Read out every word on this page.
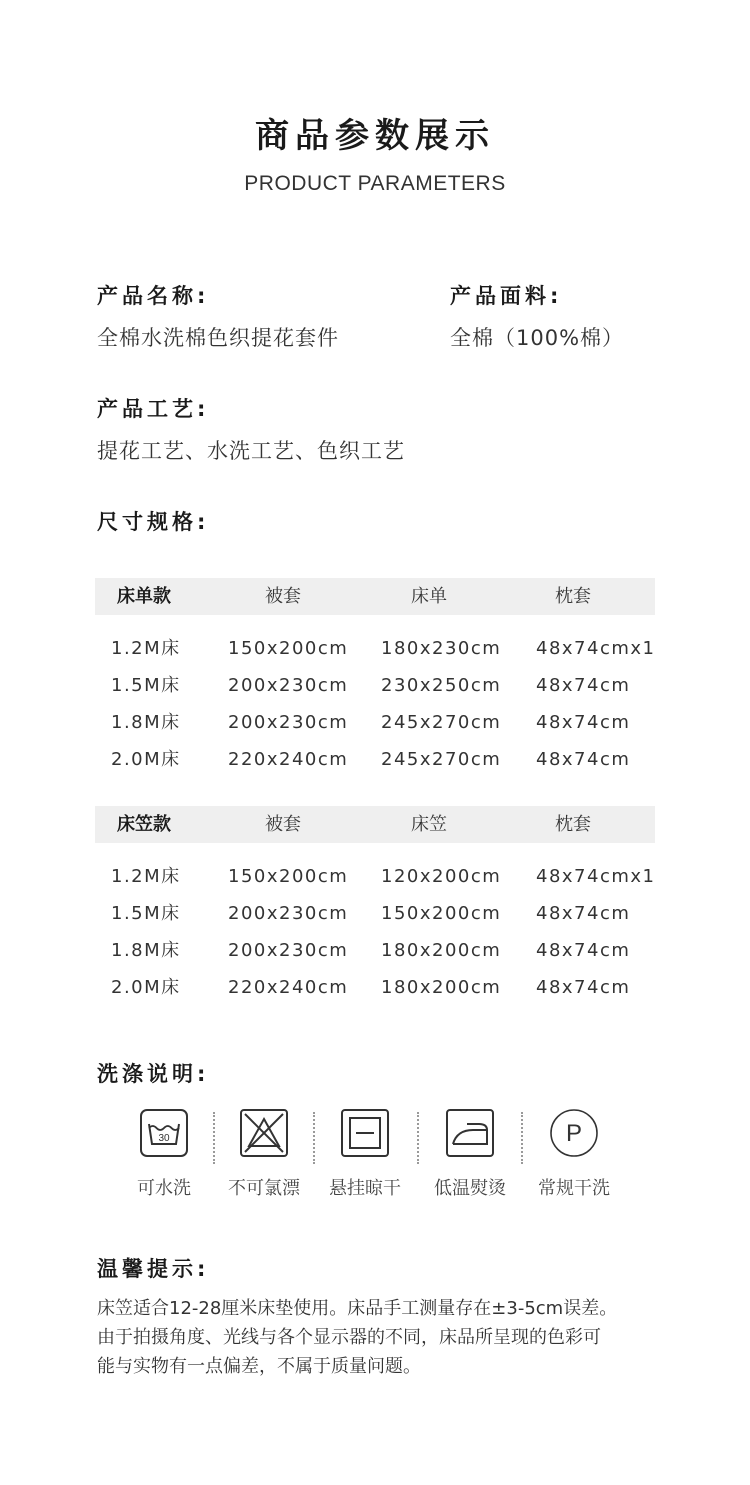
商品参数展示
PRODUCT PARAMETERS
产品名称:
全棉水洗棉色织提花套件
产品面料:
全棉（100%棉）
产品工艺:
提花工艺、水洗工艺、色织工艺
尺寸规格:
床单款	被套	床单	枕套
1.2M床	150x200cm 180x230cm 48x74cmx1
1.5M床	200x230cm 230x250cm 48x74cm
1.8M床	200x230cm 245x270cm 48x74cm
2.0M床	220x240cm 245x270cm 48x74cm
床笠款	被套	床笠	枕套
1.2M床	150x200cm 120x200cm 48x74cmx1
1.5M床	200x230cm 150x200cm 48x74cm
1.8M床	200x230cm 180x200cm 48x74cm
2.0M床	220x240cm 180x200cm 48x74cm
洗涤说明:
30
可水洗	不可氯漂	悬挂晾干	低温熨烫
P
常规干洗
温馨提示:
床笠适合12-28厘米床垫使用。床品手工测量存在±3-5cm误差。
由于拍摄角度、光线与各个显示器的不同，床品所呈现的色彩可
能与实物有一点偏差，不属于质量问题。
